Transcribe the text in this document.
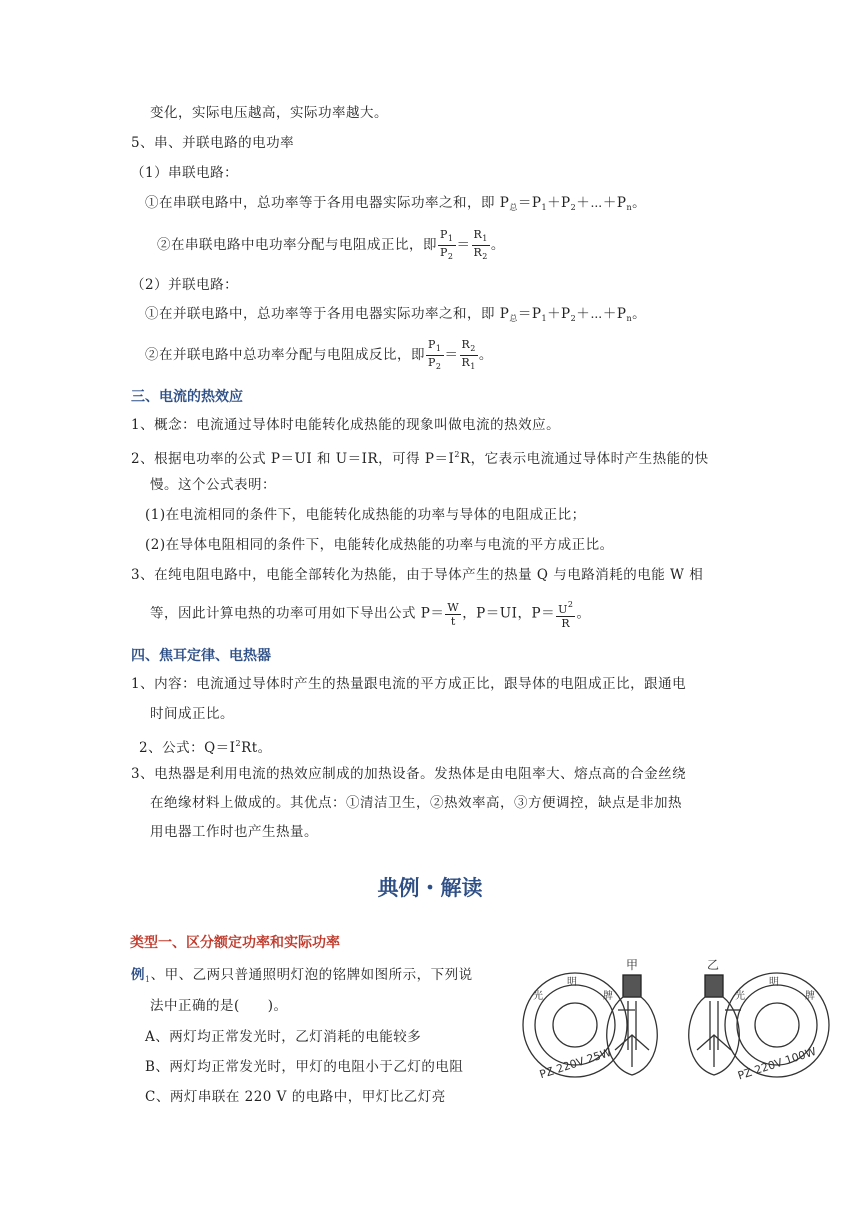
变化，实际电压越高，实际功率越大。
5、串、并联电路的电功率
（1）串联电路：
①在串联电路中，总功率等于各用电器实际功率之和，即 $P_总=P_1+P_2+\cdots+P_n$。
②在串联电路中电功率分配与电阻成正比，即 $\frac{P_1}{P_2} = \frac{R_1}{R_2}$ 。
（2）并联电路：
①在并联电路中，总功率等于各用电器实际功率之和，即 $P_总=P_1+P_2+\cdots+P_n$。
②在并联电路中总功率分配与电阻成反比，即 $\frac{P_1}{P_2} = \frac{R_2}{R_1}$ 。
三、电流的热效应
1、概念：电流通过导体时电能转化成热能的现象叫做电流的热效应。
2、根据电功率的公式 P＝UI 和 U＝IR，可得 $P=I^2R$，它表示电流通过导体时产生热能的快
慢。这个公式表明：
(1)在电流相同的条件下，电能转化成热能的功率与导体的电阻成正比；
(2)在导体电阻相同的条件下，电能转化成热能的功率与电流的平方成正比。
3、在纯电阻电路中，电能全部转化为热能，由于导体产生的热量 Q 与电路消耗的电能 W 相
等，因此计算电热的功率可用如下导出公式 $P= \frac{W}{t}$ ，P＝UI，$P= \frac{U^2}{R}$ 。
四、焦耳定律、电热器
1、内容：电流通过导体时产生的热量跟电流的平方成正比，跟导体的电阻成正比，跟通电
时间成正比。
2、公式：$Q=I^2Rt$。
3、电热器是利用电流的热效应制成的加热设备。发热体是由电阻率大、熔点高的合金丝绕
在绝缘材料上做成的。其优点：①清洁卫生，②热效率高，③方便调控，缺点是非加热
用电器工作时也产生热量。
典例・解读
类型一、区分额定功率和实际功率
例$_1$、甲、乙两只普通照明灯泡的铭牌如图所示，下列说
法中正确的是(　　)。
A、两灯均正常发光时，乙灯消耗的电能较多
B、两灯均正常发光时，甲灯的电阻小于乙灯的电阻
C、两灯串联在 220 V 的电路中，甲灯比乙灯亮
光
明
牌
PZ 220V 25W
甲	乙
光
明
牌
PZ 220V 100W
